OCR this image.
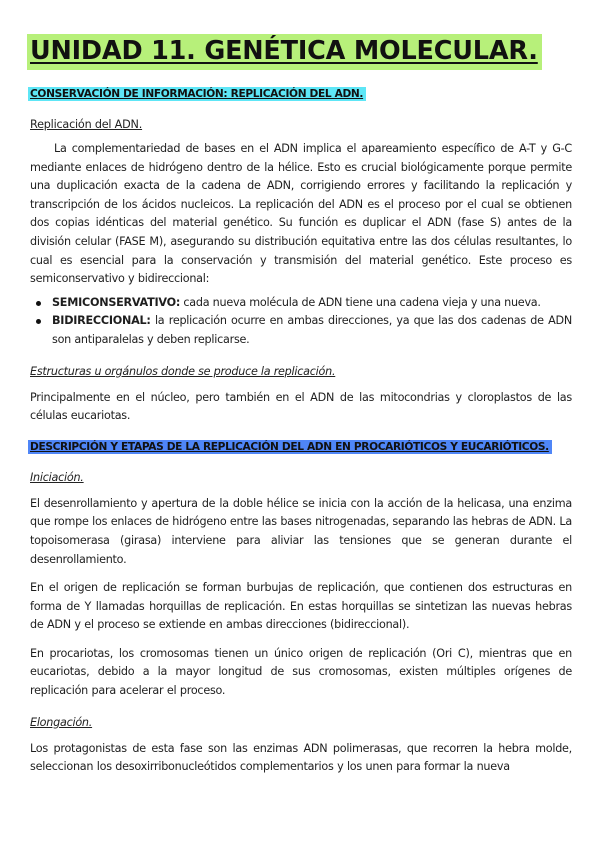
UNIDAD 11. GENÉTICA MOLECULAR.
CONSERVACIÓN DE INFORMACIÓN: REPLICACIÓN DEL ADN.
Replicación del ADN.

La complementariedad de bases en el ADN implica el apareamiento específico de A-T y G-C mediante enlaces de hidrógeno dentro de la hélice. Esto es crucial biológicamente porque permite una duplicación exacta de la cadena de ADN, corrigiendo errores y facilitando la replicación y transcripción de los ácidos nucleicos. La replicación del ADN es el proceso por el cual se obtienen dos copias idénticas del material genético. Su función es duplicar el ADN (fase S) antes de la división celular (FASE M), asegurando su distribución equitativa entre las dos células resultantes, lo cual es esencial para la conservación y transmisión del material genético. Este proceso es semiconservativo y bidireccional:

SEMICONSERVATIVO: cada nueva molécula de ADN tiene una cadena vieja y una nueva.
BIDIRECCIONAL: la replicación ocurre en ambas direcciones, ya que las dos cadenas de ADN son antiparalelas y deben replicarse.
Estructuras u orgánulos donde se produce la replicación.

Principalmente en el núcleo, pero también en el ADN de las mitocondrias y cloroplastos de las células eucariotas.

DESCRIPCIÓN Y ETAPAS DE LA REPLICACIÓN DEL ADN EN PROCARIÓTICOS Y EUCARIÓTICOS.
Iniciación.

El desenrollamiento y apertura de la doble hélice se inicia con la acción de la helicasa, una enzima que rompe los enlaces de hidrógeno entre las bases nitrogenadas, separando las hebras de ADN. La topoisomerasa (girasa) interviene para aliviar las tensiones que se generan durante el desenrollamiento.

En el origen de replicación se forman burbujas de replicación, que contienen dos estructuras en forma de Y llamadas horquillas de replicación. En estas horquillas se sintetizan las nuevas hebras de ADN y el proceso se extiende en ambas direcciones (bidireccional).

En procariotas, los cromosomas tienen un único origen de replicación (Ori C), mientras que en eucariotas, debido a la mayor longitud de sus cromosomas, existen múltiples orígenes de replicación para acelerar el proceso.

Elongación.

Los protagonistas de esta fase son las enzimas ADN polimerasas, que recorren la hebra molde, seleccionan los desoxirribonucleótidos complementarios y los unen para formar la nueva
